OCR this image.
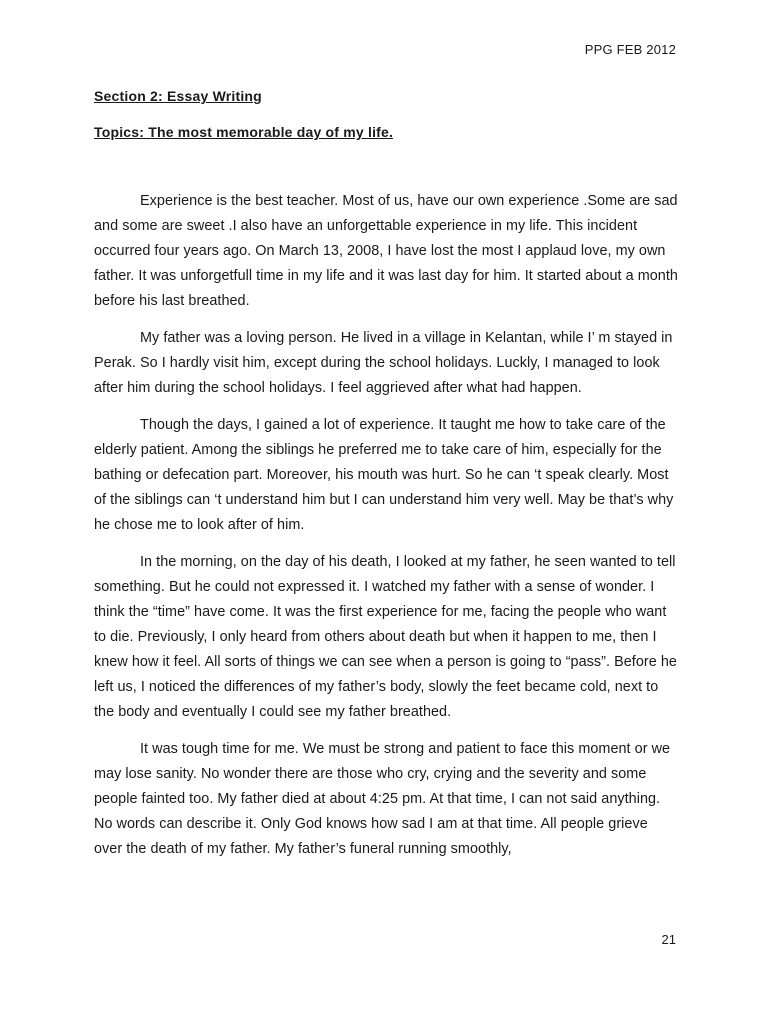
PPG FEB 2012
Section 2: Essay Writing
Topics: The most memorable day of my life.

Experience is the best teacher. Most of us, have our own experience .Some are sad and some are sweet .I also have an unforgettable experience in my life. This incident occurred four years ago. On March 13, 2008, I have lost the most I applaud love, my own father. It was unforgetfull time in my life and it was last day for him. It started about a month before his last breathed.

My father was a loving person. He lived in a village in Kelantan, while I’ m stayed in Perak. So I hardly visit him, except during the school holidays. Luckly, I managed to look after him during the school holidays. I feel aggrieved after what had happen.

Though the days, I gained a lot of experience. It taught me how to take care of the elderly patient. Among the siblings he preferred me to take care of him, especially for the bathing or defecation part. Moreover, his mouth was hurt. So he can ‘t speak clearly. Most of the siblings can ‘t understand him but I can understand him very well. May be that’s why he chose me to look after of him.

In the morning, on the day of his death, I looked at my father, he seen wanted to tell something. But he could not expressed it. I watched my father with a sense of wonder. I think the “time” have come. It was the first experience for me, facing the people who want to die. Previously, I only heard from others about death but when it happen to me, then I knew how it feel. All sorts of things we can see when a person is going to “pass”. Before he left us, I noticed the differences of my father’s body, slowly the feet became cold, next to the body and eventually I could see my father breathed.

It was tough time for me. We must be strong and patient to face this moment or we may lose sanity. No wonder there are those who cry, crying and the severity and some people fainted too. My father died at about 4:25 pm. At that time, I can not said anything. No words can describe it. Only God knows how sad I am at that time. All people grieve over the death of my father. My father’s funeral running smoothly,

21
